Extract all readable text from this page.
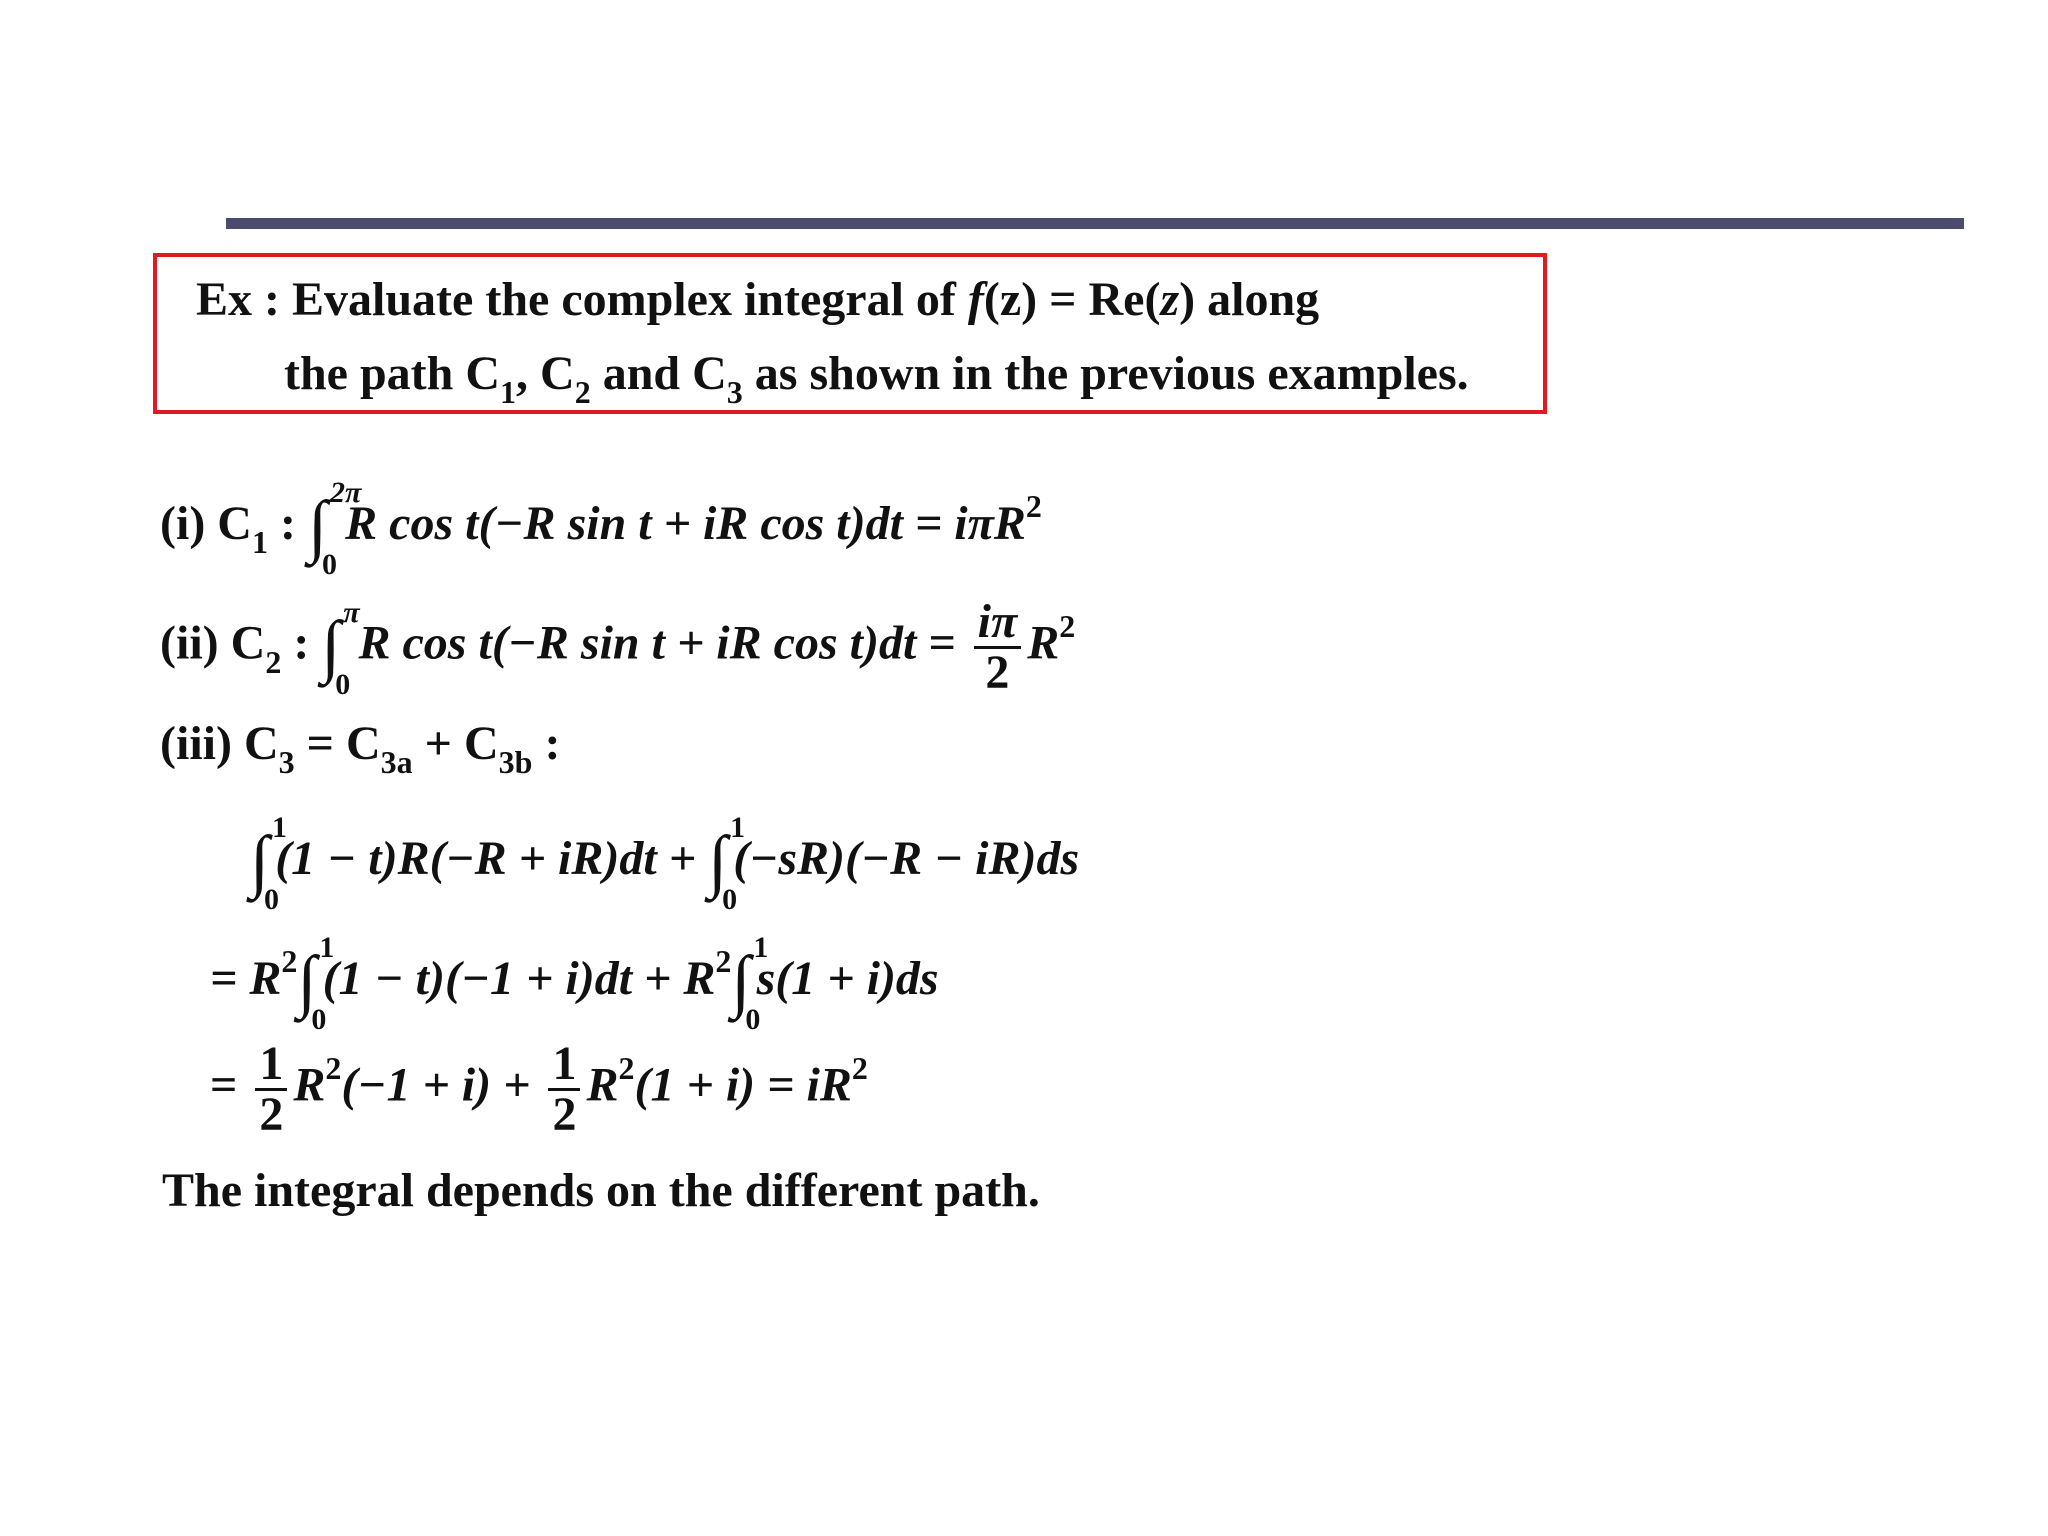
Ex : Evaluate the complex integral of f(z) = Re(z) along
the path $C_1$, $C_2$ and $C_3$ as shown in the previous examples.
(i) $C_1$ : ∫ 2π
0
R cos t(−R sin t + iR cos t)dt = iπR$^2$
(ii) $C_2$ : ∫ π
0
R cos t(−R sin t + iR $\cos t)dt = \frac{i\pi}{2} R^2$
(iii) $C_3 = C_{3a} + C_{3b}$ :
∫ 1
0
(1 − t)R(−R + iR)dt + ∫ 1
0
(−sR)(−R − iR)ds
= $R^2\int$ 1
0
$(1 - t)(-1 + i)dt + R^2\int$ 1
0
s(1 + i)ds
= $\frac{1}{2} R^2(-1 + i) + \frac{1}{2} R^2(1 + i) = iR^2$
The integral depends on the different path.
